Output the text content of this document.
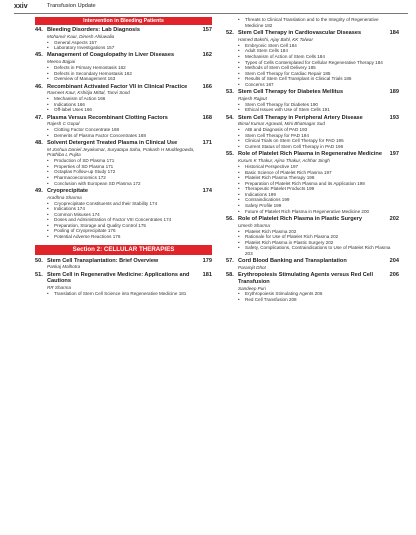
xxiv	Transfusion Update
Intervention in Bleeding Patients
44. Bleeding Disorders: Lab Diagnosis	157
Mohanvir Kaur, Dinesh Ahluwalia
• General Aspects 157
• Laboratory Investigations 157
45. Management of Coagulopathy in Liver Diseases	162
Meenu Bajpai
• Defects in Primary Hemostasis 162
• Defects in Secondary Hemostasis 162
• Overview of Management 163
46. Recombinant Activated Factor VII in Clinical Practice	166
Ravneet Kaur, Kshitija Mittal, Tanvi Sood
• Mechanism of Action 166
• Indications 166
• Off-label Uses 166
47. Plasma Versus Recombinant Clotting Factors	168
Rajesh C Gopal
• Clotting Factor Concentrate 168
• Demerits of Plasma Factor Concentrates 168
48. Solvent Detergent Treated Plasma in Clinical Use	171
M Joshua Daniel Jeyakumar, Suryatapa Saha, Prakash H Muddegowda, Prathiba L Pujita
• Production of SD Plasma 171
• Properties of SD Plasma 171
• Octaplas Follow-up Study 172
• Pharmacoeconomics 172
• Conclusion with European SD Plasma 172
49. Cryoprecipitate	174
Aradhna Sharma
• Cryoprecipitate Constituents and their Stability 174
• Indications 174
• Common Misuses 174
• Doses and Administration of Factor VIII Concentrates 174
• Preparation, Storage and Quality Control 175
• Pooling of Cryoprecipitate 176
• Potential Adverse Reactions 176
Section 2: CELLULAR THERAPIES
50. Stem Cell Transplantation: Brief Overview	179
Pankaj Malhotra
51. Stem Cell in Regenerative Medicine: Applications and Cautions
181
RR Sharma
• Translation of Stem Cell Science into Regenerative Medicine 181
• Threats to Clinical Translation and to the Integrity of Regenerative Medicine 182
52. Stem Cell Therapy in Cardiovascular Diseases	184
Hamed Bakshi, Ajay Bahl, KK Talwar
• Embryonic Stem Cell 184
• Adult Stem Cells 184
• Mechanism of Action of Stem Cells 184
• Types of Cells Contemplated for Cellular Regenerative Therapy 184
• Methods of Stem Cell Delivery 185
• Stem Cell Therapy for Cardiac Repair 185
• Results of Stem Cell Transplant in Clinical Trials 186
• Concerns 187
53. Stem Cell Therapy for Diabetes Mellitus	189
Rajesh Rajput
• Stem Cell Therapy for Diabetes 190
• Ethical Issues with Use of Stem Cells 191
54. Stem Cell Therapy in Peripheral Artery Disease	193
Bimal Kumar Agrawal, Mini Bhatnagar Sud
• ABI and Diagnosis of PAD 193
• Stem Cell Therapy for PAD 194
• Clinical Trials on Stem Cell Therapy for PAD 195
• Current Status of Stem Cell Therapy in PAD 196
55. Role of Platelet Rich Plasma in Regenerative Medicine 197
Kusum K Thakur, Ajina Thakur, Achhar Singh
• Historical Perspective 197
• Basic Science of Platelet Rich Plasma 197
• Platelet Rich Plasma Therapy 198
• Preparation of Platelet Rich Plasma and its Application 198
• Therapeutic Platelet Products 199
• Indications 199
• Contraindications 199
• Safety Profile 199
• Future of Platelet Rich Plasma in Regenerative Medicine 200
56. Role of Platelet Rich Plasma in Plastic Surgery	202
Umesh Sharma
• Platelet Rich Plasma 202
• Rationale for Use of Platelet Rich Plasma 202
• Platelet Rich Plasma in Plastic Surgery 202
• Safety, Complications, Contraindications to Use of Platelet Rich Plasma 203
57. Cord Blood Banking and Transplantation	204
Paramjit Dhot
58. Erythropoiesis Stimulating Agents versus Red Cell Transfusion
206
Sandeep Puri
• Erythropoiesis Stimulating Agents 206
• Red Cell Transfusion 208
